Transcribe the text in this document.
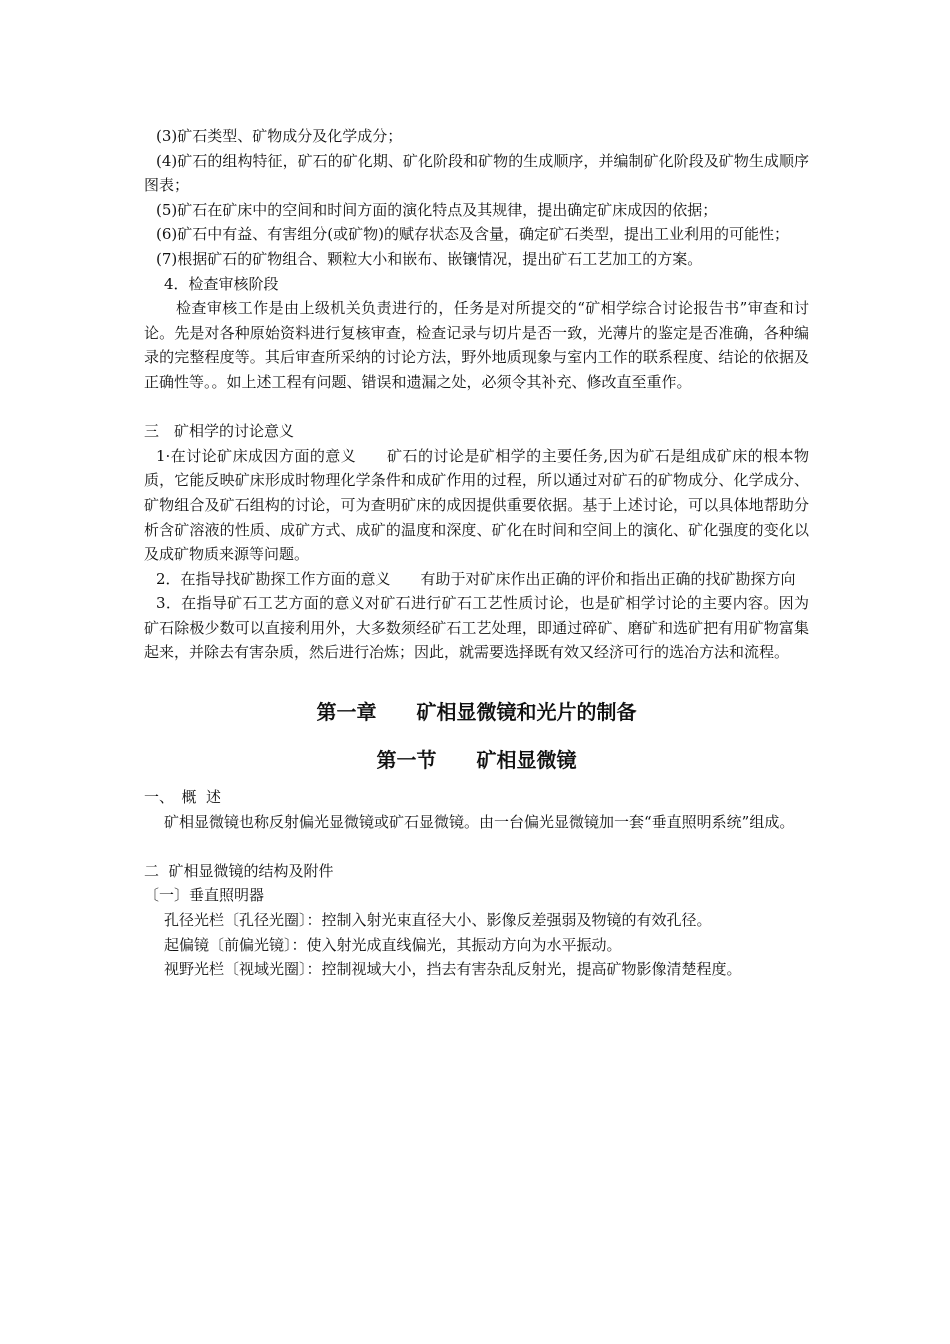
(3)矿石类型、矿物成分及化学成分；

(4)矿石的组构特征，矿石的矿化期、矿化阶段和矿物的生成顺序，并编制矿化阶段及矿物生成顺序图表；

(5)矿石在矿床中的空间和时间方面的演化特点及其规律，提出确定矿床成因的依据；

(6)矿石中有益、有害组分(或矿物)的赋存状态及含量，确定矿石类型，提出工业利用的可能性；

(7)根据矿石的矿物组合、颗粒大小和嵌布、嵌镶情况，提出矿石工艺加工的方案。

4．检查审核阶段

检查审核工作是由上级机关负责进行的，任务是对所提交的“矿相学综合讨论报告书”审查和讨论。先是对各种原始资料进行复核审查，检查记录与切片是否一致，光薄片的鉴定是否准确，各种编录的完整程度等。其后审查所采纳的讨论方法，野外地质现象与室内工作的联系程度、结论的依据及正确性等。。如上述工程有问题、错误和遗漏之处，必须令其补充、修改直至重作。

三　矿相学的讨论意义

1·在讨论矿床成因方面的意义　　矿石的讨论是矿相学的主要任务,因为矿石是组成矿床的根本物质，它能反映矿床形成时物理化学条件和成矿作用的过程，所以通过对矿石的矿物成分、化学成分、矿物组合及矿石组构的讨论，可为查明矿床的成因提供重要依据。基于上述讨论，可以具体地帮助分析含矿溶液的性质、成矿方式、成矿的温度和深度、矿化在时间和空间上的演化、矿化强度的变化以及成矿物质来源等问题。

2．在指导找矿勘探工作方面的意义　　有助于对矿床作出正确的评价和指出正确的找矿勘探方向

3．在指导矿石工艺方面的意义对矿石进行矿石工艺性质讨论，也是矿相学讨论的主要内容。因为矿石除极少数可以直接利用外，大多数须经矿石工艺处理，即通过碎矿、磨矿和选矿把有用矿物富集起来，并除去有害杂质，然后进行冶炼；因此，就需要选择既有效又经济可行的选冶方法和流程。

第一章 矿相显微镜和光片的制备
第一节 矿相显微镜

一、　概  述

矿相显微镜也称反射偏光显微镜或矿石显微镜。由一台偏光显微镜加一套“垂直照明系统”组成。

二  矿相显微镜的结构及附件

〔一〕垂直照明器

孔径光栏〔孔径光圈〕：控制入射光束直径大小、影像反差强弱及物镜的有效孔径。

起偏镜〔前偏光镜〕：使入射光成直线偏光，其振动方向为水平振动。

视野光栏〔视域光圈〕：控制视域大小，挡去有害杂乱反射光，提高矿物影像清楚程度。
